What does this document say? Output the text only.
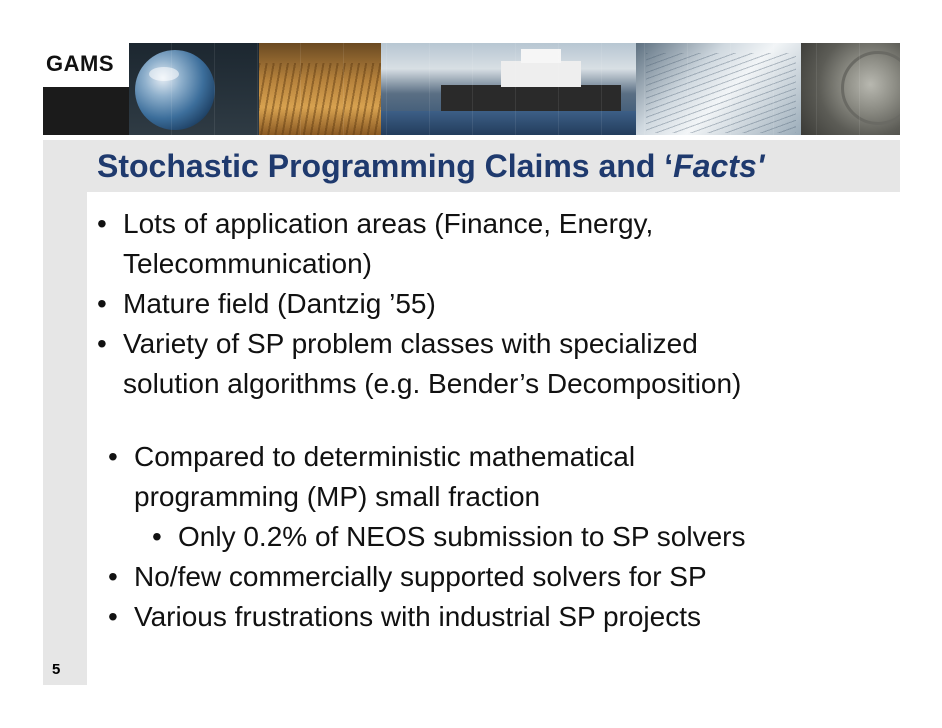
GAMS
Stochastic Programming Claims and ‘Facts'
• Lots of application areas (Finance, Energy,
Telecommunication)
• Mature field (Dantzig ’55)
• Variety of SP problem classes with specialized
solution algorithms (e.g. Bender’s Decomposition)
• Compared to deterministic mathematical
programming (MP) small fraction
• Only 0.2% of NEOS submission to SP solvers
• No/few commercially supported solvers for SP
• Various frustrations with industrial SP projects
5
